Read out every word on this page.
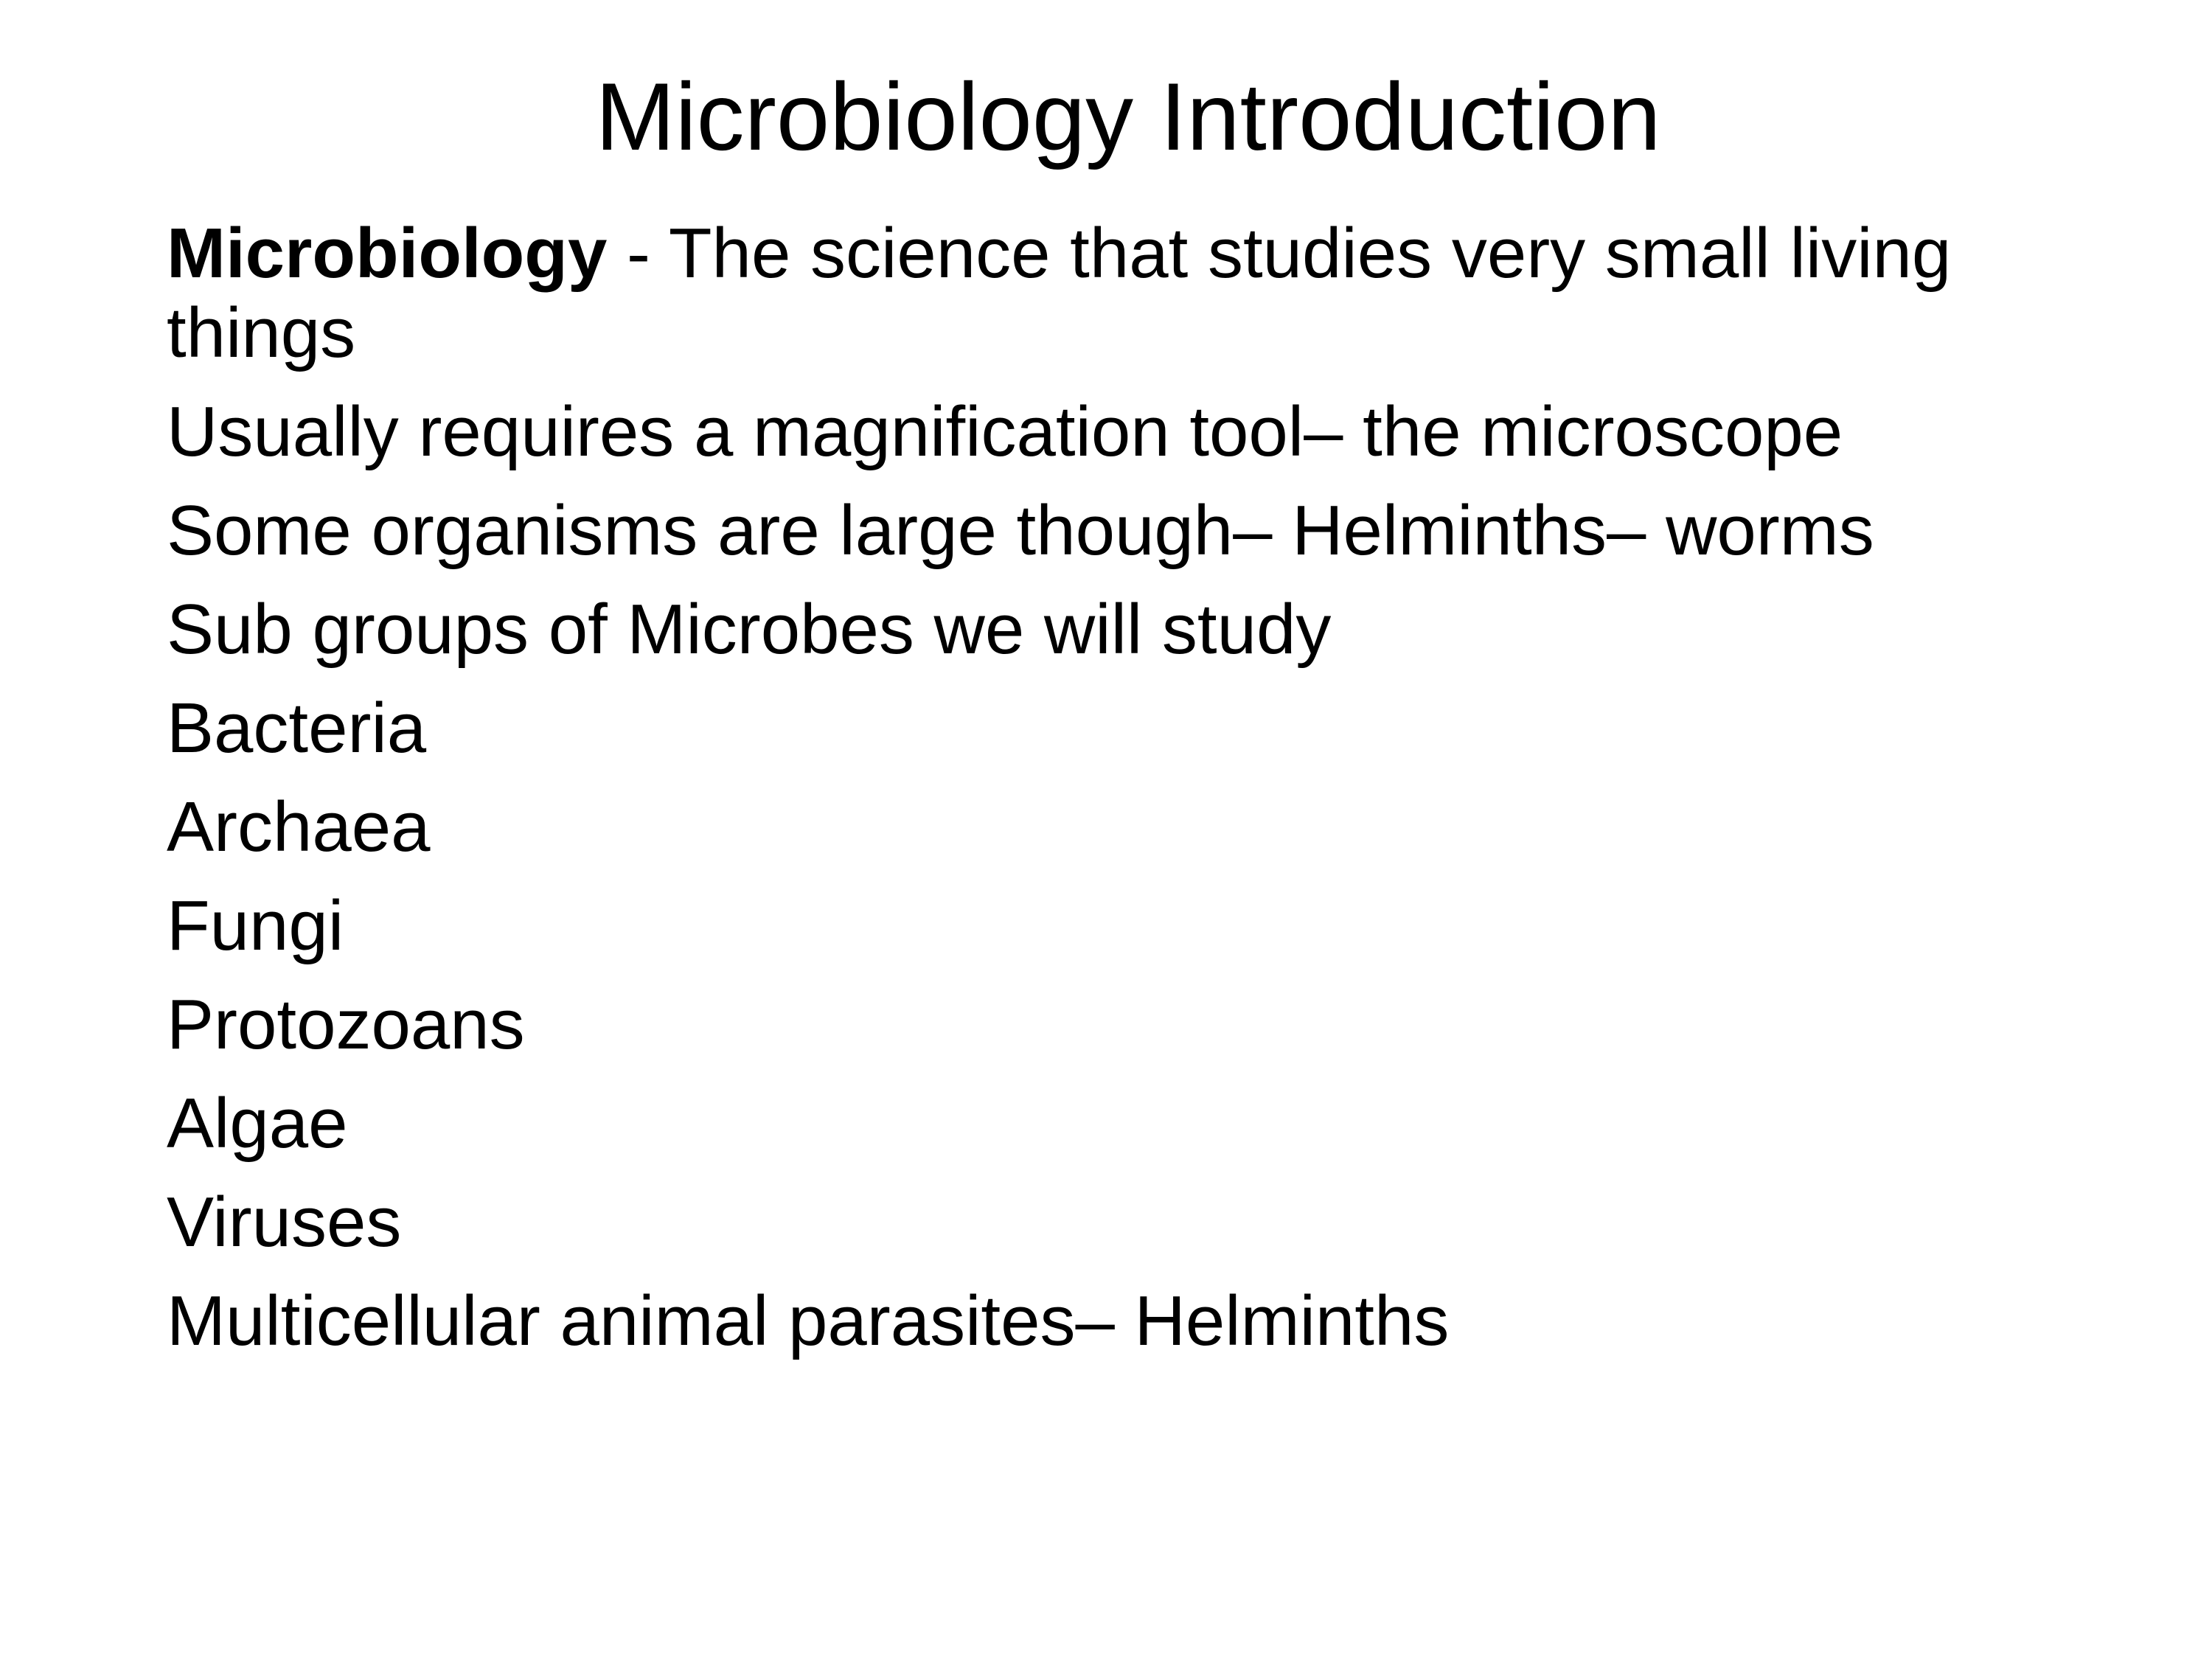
Microbiology Introduction
Microbiology - The science that studies very small living
things
Usually requires a magnification tool– the microscope
Some organisms are large though– Helminths– worms
Sub groups of Microbes we will study
Bacteria
Archaea
Fungi
Protozoans
Algae
Viruses
Multicellular animal parasites– Helminths
